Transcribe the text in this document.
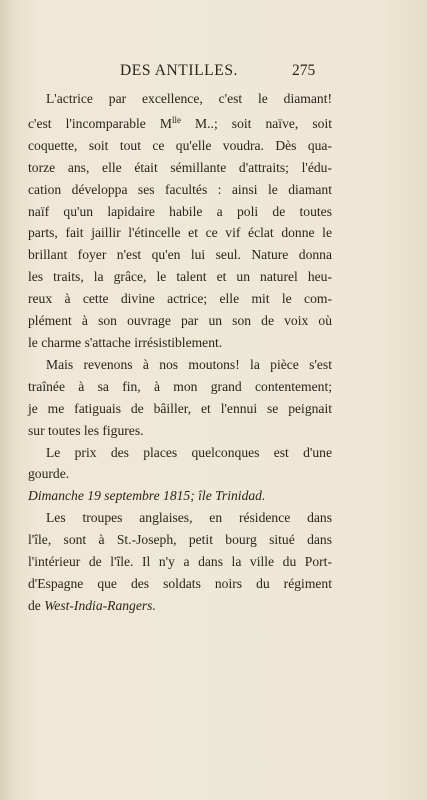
DES ANTILLES.	275

L'actrice par excellence, c'est le diamant!
c'est l'incomparable $M^{lle}$ M..; soit naïve, soit
coquette, soit tout ce qu'elle voudra. Dès qua-
torze ans, elle était sémillante d'attraits; l'édu-
cation développa ses facultés : ainsi le diamant
naïf qu'un lapidaire habile a poli de toutes
parts, fait jaillir l'étincelle et ce vif éclat donne le
brillant foyer n'est qu'en lui seul. Nature donna
les traits, la grâce, le talent et un naturel heu-
reux à cette divine actrice; elle mit le com-
plément à son ouvrage par un son de voix où
le charme s'attache irrésistiblement.

Mais revenons à nos moutons! la pièce s'est
traînée à sa fin, à mon grand contentement;
je me fatiguais de bâiller, et l'ennui se peignait
sur toutes les figures.

Le prix des places quelconques est d'une
gourde.

Dimanche 19 septembre 1815; île Trinidad.

Les troupes anglaises, en résidence dans
l'île, sont à St.-Joseph, petit bourg situé dans
l'intérieur de l'île. Il n'y a dans la ville du Port-
d'Espagne que des soldats noirs du régiment
de West-India-Rangers.
